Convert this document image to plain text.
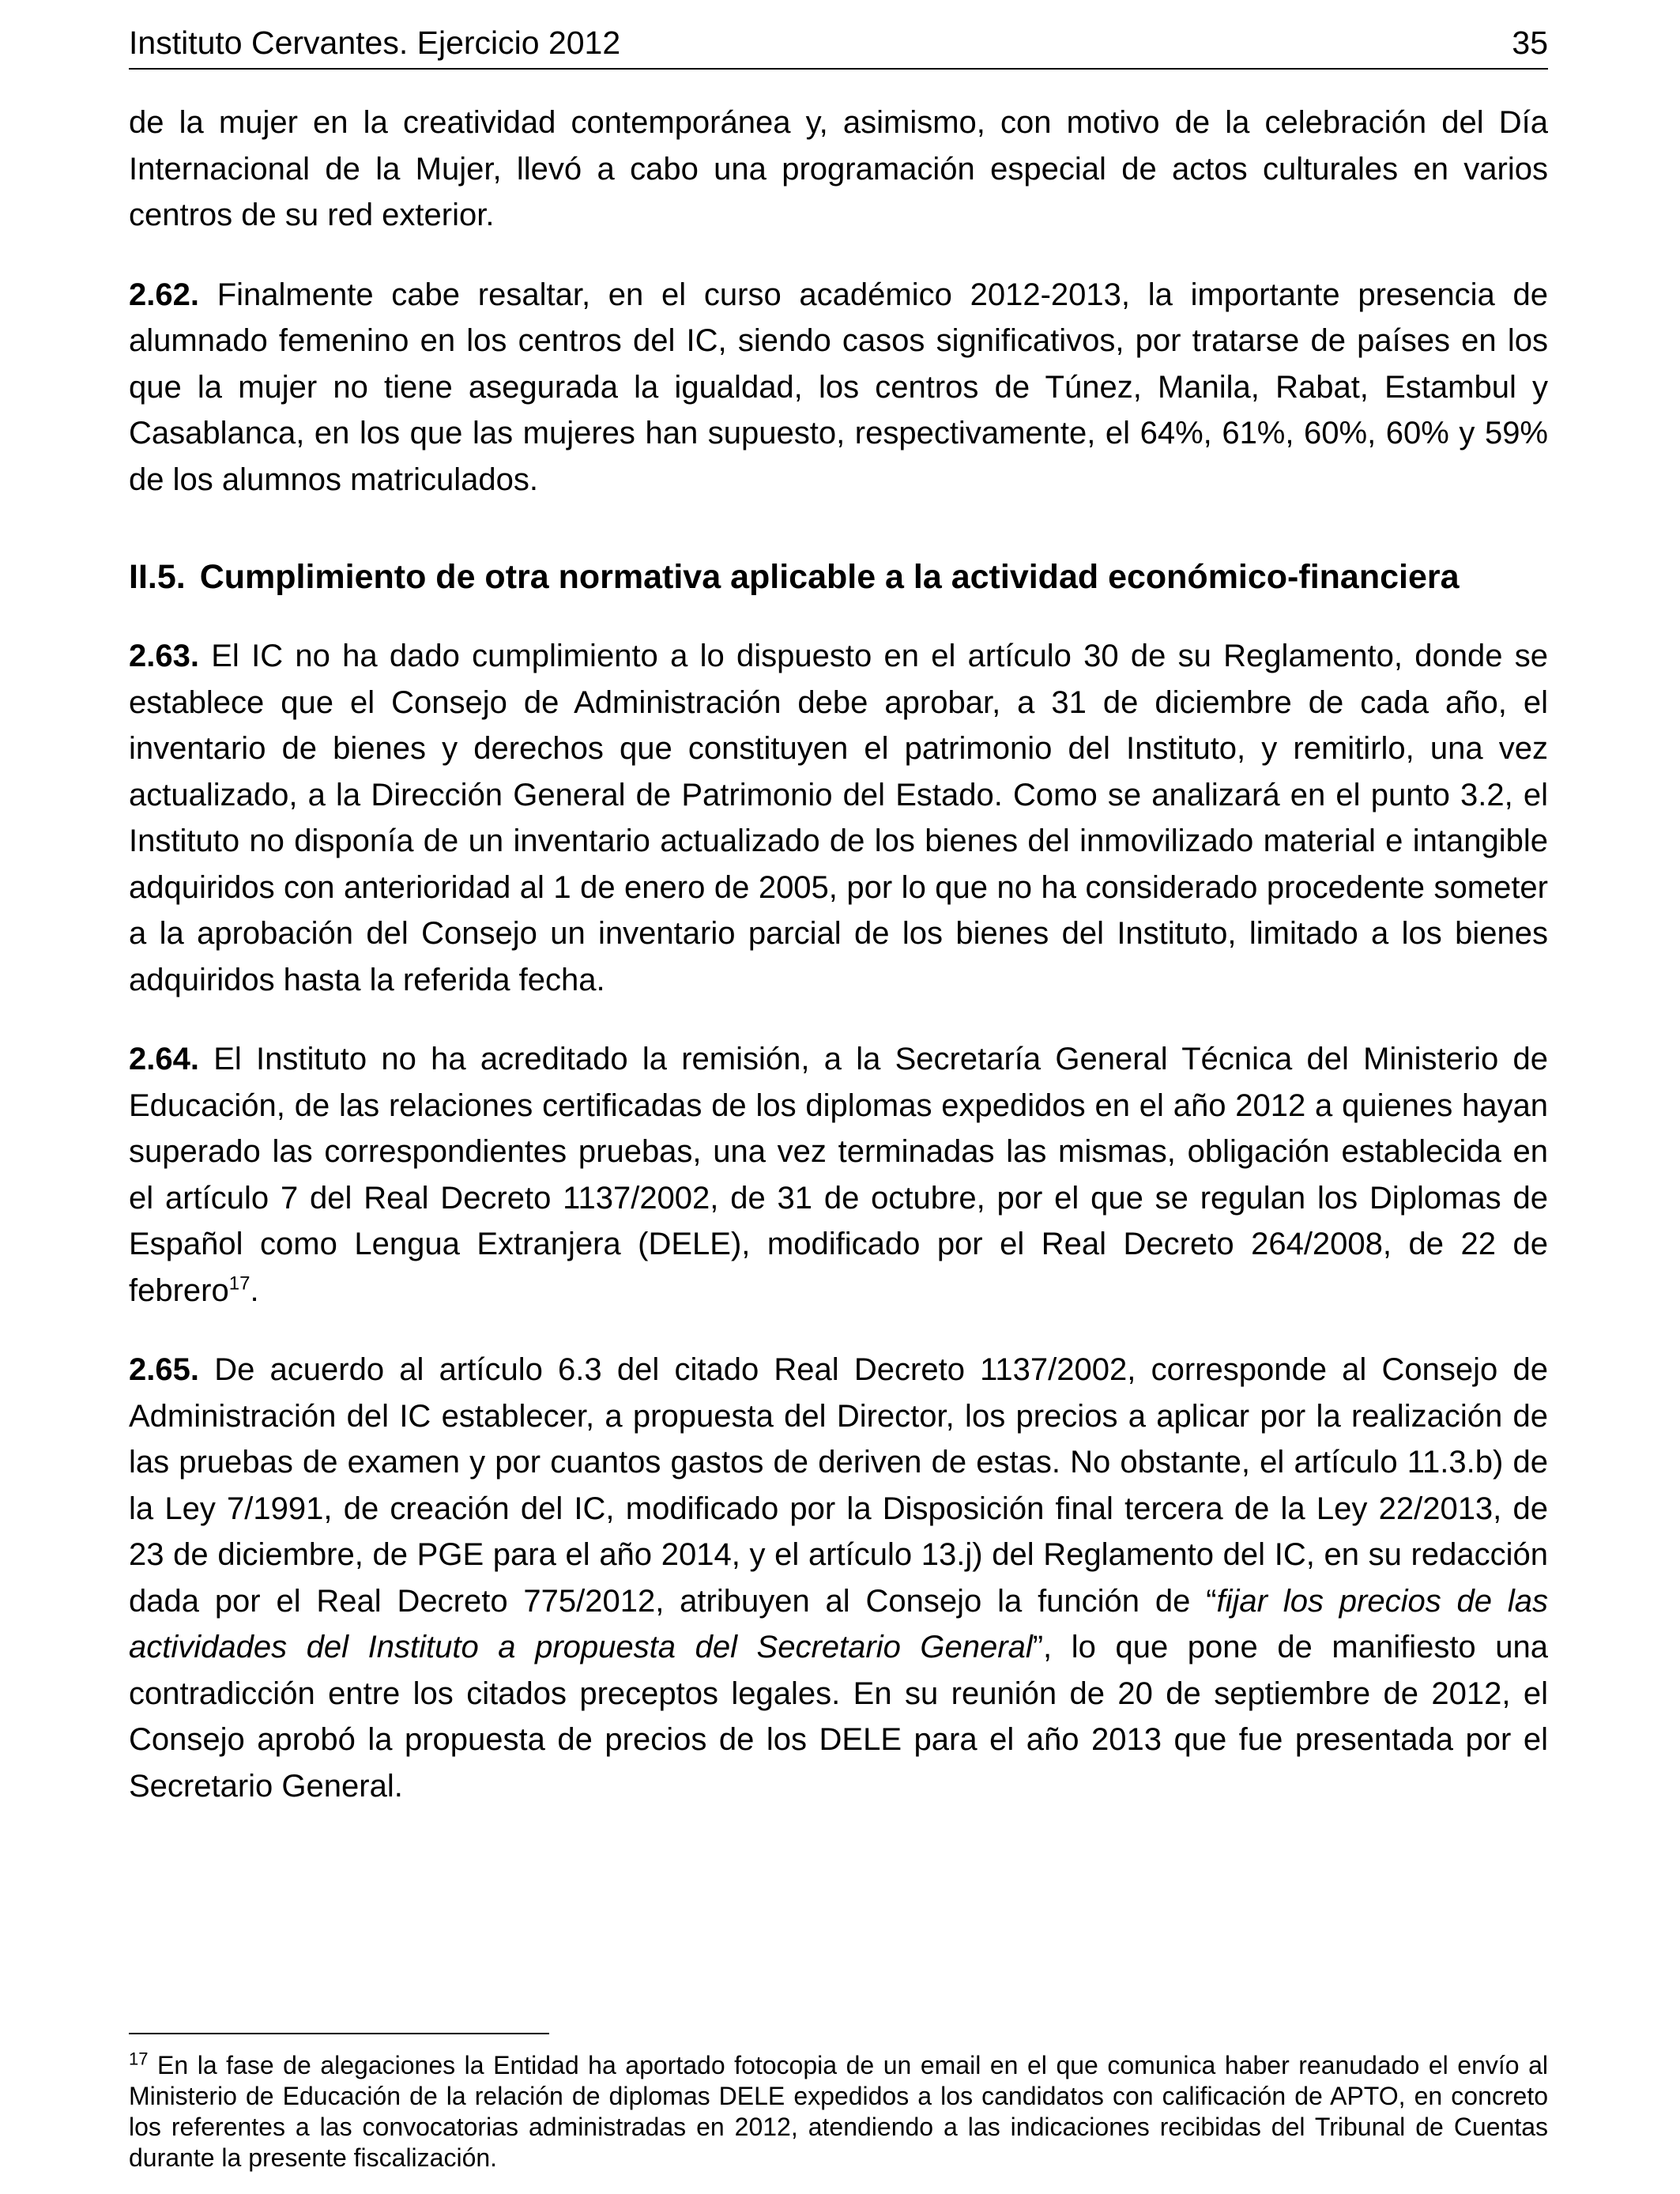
Instituto Cervantes. Ejercicio 2012	35

de la mujer en la creatividad contemporánea y, asimismo, con motivo de la celebración del Día Internacional de la Mujer, llevó a cabo una programación especial de actos culturales en varios centros de su red exterior.

2.62. Finalmente cabe resaltar, en el curso académico 2012-2013, la importante presencia de alumnado femenino en los centros del IC, siendo casos significativos, por tratarse de países en los que la mujer no tiene asegurada la igualdad, los centros de Túnez, Manila, Rabat, Estambul y Casablanca, en los que las mujeres han supuesto, respectivamente, el 64%, 61%, 60%, 60% y 59% de los alumnos matriculados.

II.5. Cumplimiento de otra normativa aplicable a la actividad económico-financiera

2.63. El IC no ha dado cumplimiento a lo dispuesto en el artículo 30 de su Reglamento, donde se establece que el Consejo de Administración debe aprobar, a 31 de diciembre de cada año, el inventario de bienes y derechos que constituyen el patrimonio del Instituto, y remitirlo, una vez actualizado, a la Dirección General de Patrimonio del Estado. Como se analizará en el punto 3.2, el Instituto no disponía de un inventario actualizado de los bienes del inmovilizado material e intangible adquiridos con anterioridad al 1 de enero de 2005, por lo que no ha considerado procedente someter a la aprobación del Consejo un inventario parcial de los bienes del Instituto, limitado a los bienes adquiridos hasta la referida fecha.

2.64. El Instituto no ha acreditado la remisión, a la Secretaría General Técnica del Ministerio de Educación, de las relaciones certificadas de los diplomas expedidos en el año 2012 a quienes hayan superado las correspondientes pruebas, una vez terminadas las mismas, obligación establecida en el artículo 7 del Real Decreto 1137/2002, de 31 de octubre, por el que se regulan los Diplomas de Español como Lengua Extranjera (DELE), modificado por el Real Decreto 264/2008, de 22 de febrero$^{17}$.

2.65. De acuerdo al artículo 6.3 del citado Real Decreto 1137/2002, corresponde al Consejo de Administración del IC establecer, a propuesta del Director, los precios a aplicar por la realización de las pruebas de examen y por cuantos gastos de deriven de estas. No obstante, el artículo 11.3.b) de la Ley 7/1991, de creación del IC, modificado por la Disposición final tercera de la Ley 22/2013, de 23 de diciembre, de PGE para el año 2014, y el artículo 13.j) del Reglamento del IC, en su redacción dada por el Real Decreto 775/2012, atribuyen al Consejo la función de “fijar los precios de las actividades del Instituto a propuesta del Secretario General”, lo que pone de manifiesto una contradicción entre los citados preceptos legales. En su reunión de 20 de septiembre de 2012, el Consejo aprobó la propuesta de precios de los DELE para el año 2013 que fue presentada por el Secretario General.

$^{17}$ En la fase de alegaciones la Entidad ha aportado fotocopia de un email en el que comunica haber reanudado el envío al Ministerio de Educación de la relación de diplomas DELE expedidos a los candidatos con calificación de APTO, en concreto los referentes a las convocatorias administradas en 2012, atendiendo a las indicaciones recibidas del Tribunal de Cuentas durante la presente fiscalización.
